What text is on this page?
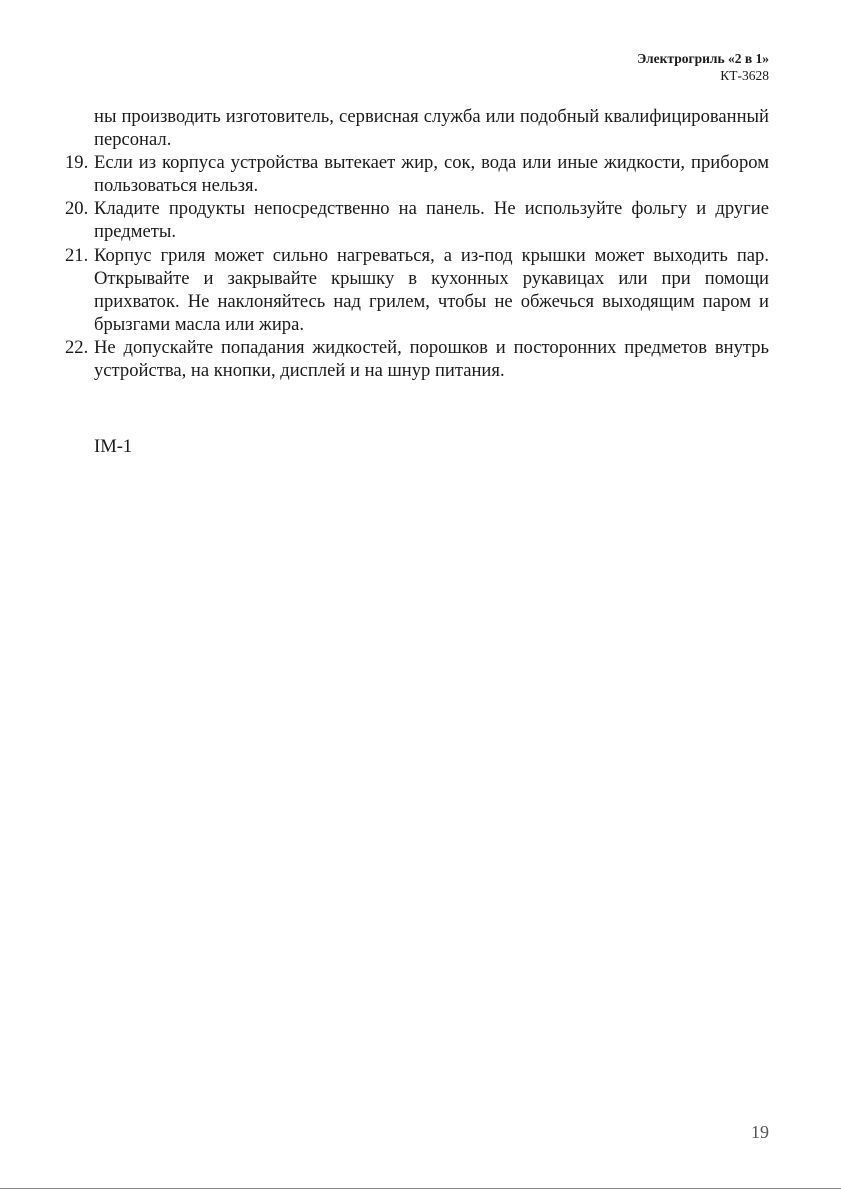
Электрогриль «2 в 1»
КТ-3628
ны производить изготовитель, сервисная служба или подобный квалифицированный персонал.
19. Если из корпуса устройства вытекает жир, сок, вода или иные жидкости, прибором пользоваться нельзя.
20. Кладите продукты непосредственно на панель. Не используйте фольгу и другие предметы.
21. Корпус гриля может сильно нагреваться, а из-под крышки может выходить пар. Открывайте и закрывайте крышку в кухонных рукавицах или при помощи прихваток. Не наклоняйтесь над грилем, чтобы не обжечься выходящим паром и брызгами масла или жира.
22. Не допускайте попадания жидкостей, порошков и посторонних предметов внутрь устройства, на кнопки, дисплей и на шнур питания.
IM-1
19
